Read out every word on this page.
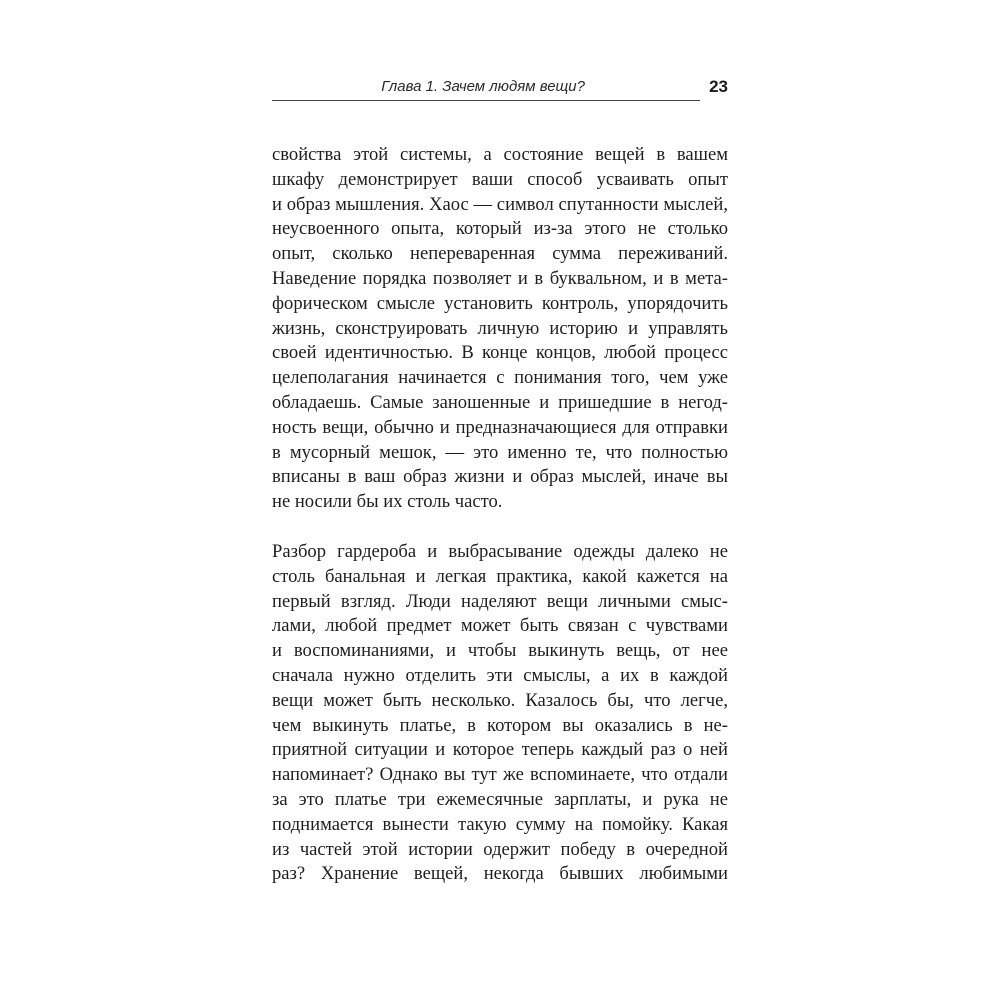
Глава 1. Зачем людям вещи?	23
свойства этой системы, а состояние вещей в вашем
шкафу демонстрирует ваши способ усваивать опыт
и образ мышления. Хаос — символ спутанности мыслей,
неусвоенного опыта, который из-за этого не столько
опыт, сколько непереваренная сумма переживаний.
Наведение порядка позволяет и в буквальном, и в мета-
форическом смысле установить контроль, упорядочить
жизнь, сконструировать личную историю и управлять
своей идентичностью. В конце концов, любой процесс
целеполагания начинается с понимания того, чем уже
обладаешь. Самые заношенные и пришедшие в негод-
ность вещи, обычно и предназначающиеся для отправки
в мусорный мешок, — это именно те, что полностью
вписаны в ваш образ жизни и образ мыслей, иначе вы
не носили бы их столь часто.
Разбор гардероба и выбрасывание одежды далеко не
столь банальная и легкая практика, какой кажется на
первый взгляд. Люди наделяют вещи личными смыс-
лами, любой предмет может быть связан с чувствами
и воспоминаниями, и чтобы выкинуть вещь, от нее
сначала нужно отделить эти смыслы, а их в каждой
вещи может быть несколько. Казалось бы, что легче,
чем выкинуть платье, в котором вы оказались в не-
приятной ситуации и которое теперь каждый раз о ней
напоминает? Однако вы тут же вспоминаете, что отдали
за это платье три ежемесячные зарплаты, и рука не
поднимается вынести такую сумму на помойку. Какая
из частей этой истории одержит победу в очередной
раз? Хранение вещей, некогда бывших любимыми
